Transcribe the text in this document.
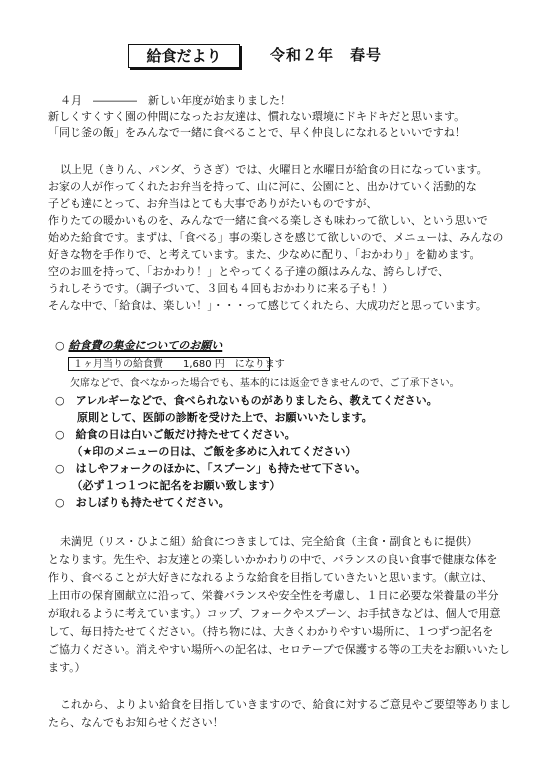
給食だより	令和２年　春号
４月　――――　新しい年度が始まりました！
新しくすくすく園の仲間になったお友達は、慣れない環境にドキドキだと思います。
「同じ釜の飯」をみんなで一緒に食べることで、早く仲良しになれるといいですね！
以上児（きりん、パンダ、うさぎ）では、火曜日と水曜日が給食の日になっています。
お家の人が作ってくれたお弁当を持って、山に河に、公園にと、出かけていく活動的な
子ども達にとって、お弁当はとても大事でありがたいものですが、
作りたての暖かいものを、みんなで一緒に食べる楽しさも味わって欲しい、という思いで
始めた給食です。まずは、「食べる」事の楽しさを感じて欲しいので、メニューは、みんなの
好きな物を手作りで、と考えています。また、少なめに配り、「おかわり」を勧めます。
空のお皿を持って、「おかわり！」とやってくる子達の顔はみんな、誇らしげで、
うれしそうです。（調子づいて、３回も４回もおかわりに来る子も！）
そんな中で、「給食は、楽しい！」・・・って感じてくれたら、大成功だと思っています。
○ 給食費の集金についてのお願い
１ヶ月当りの給食費　　1,680 円　になります
欠席などで、食べなかった場合でも、基本的には返金できませんので、ご了承下さい。
○　アレルギーなどで、食べられないものがありましたら、教えてください。
　　原則として、医師の診断を受けた上で、お願いいたします。
○　給食の日は白いご飯だけ持たせてください。
　　（★印のメニューの日は、ご飯を多めに入れてください）
○　はしやフォークのほかに、「スプーン」も持たせて下さい。
　　（必ず１つ１つに記名をお願い致します）
○　おしぼりも持たせてください。
未満児（リス・ひよこ組）給食につきましては、完全給食（主食・副食ともに提供）
となります。先生や、お友達との楽しいかかわりの中で、バランスの良い食事で健康な体を
作り、食べることが大好きになれるような給食を目指していきたいと思います。（献立は、
上田市の保育園献立に沿って、栄養バランスや安全性を考慮し、１日に必要な栄養量の半分
が取れるように考えています。）コップ、フォークやスプーン、お手拭きなどは、個人で用意
して、毎日持たせてください。（持ち物には、大きくわかりやすい場所に、１つずつ記名を
ご協力ください。消えやすい場所への記名は、セロテープで保護する等の工夫をお願いいたし
ます。）
これから、よりよい給食を目指していきますので、給食に対するご意見やご要望等ありまし
たら、なんでもお知らせください！
